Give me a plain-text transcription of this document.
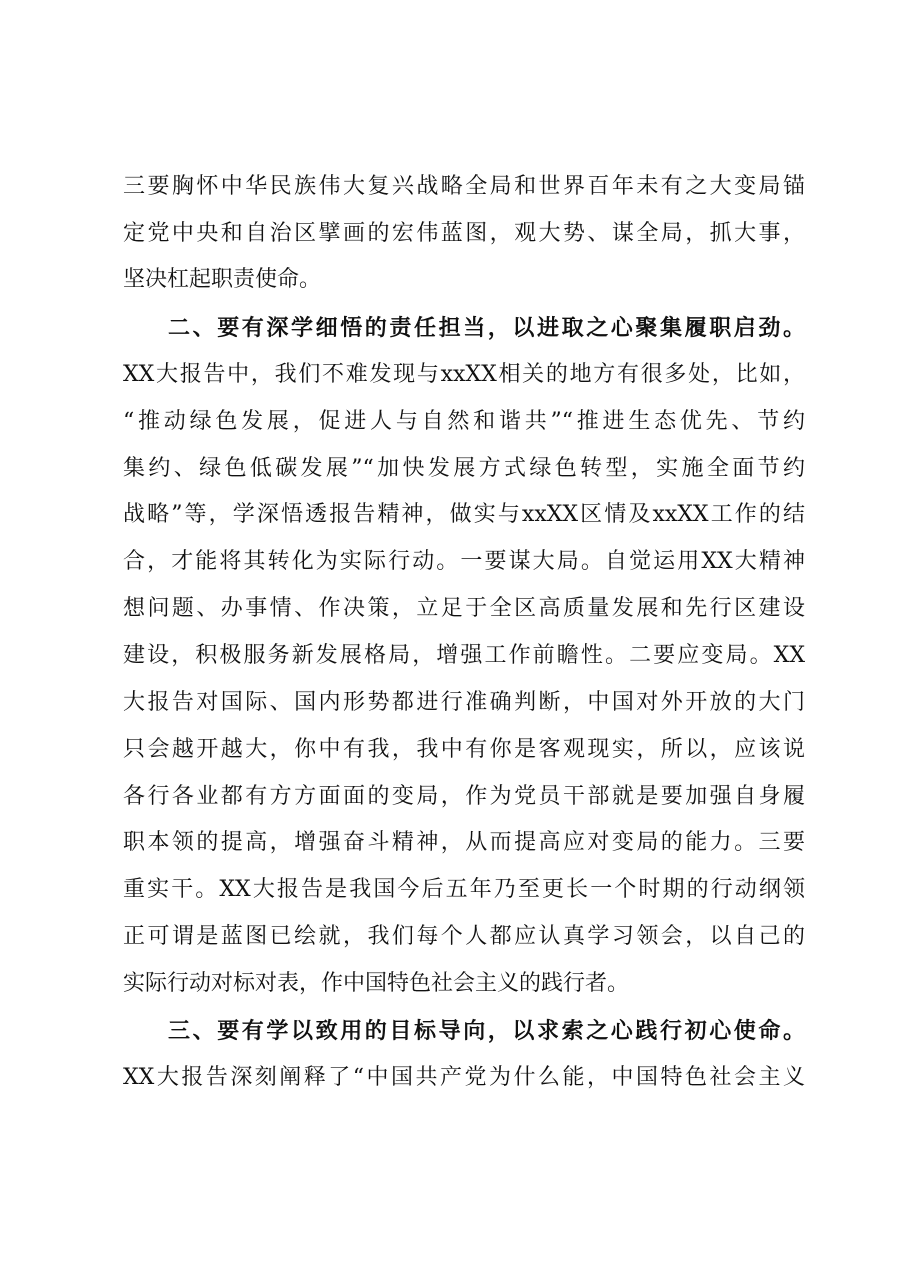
三要胸怀中华民族伟大复兴战略全局和世界百年未有之大变局锚
定党中央和自治区擘画的宏伟蓝图，观大势、谋全局，抓大事，
坚决杠起职责使命。
二、要有深学细悟的责任担当，以进取之心聚集履职启劲。
XX大报告中，我们不难发现与xxXX相关的地方有很多处，比如，
“推动绿色发展，促进人与自然和谐共”“推进生态优先、节约
集约、绿色低碳发展”“加快发展方式绿色转型，实施全面节约
战略”等，学深悟透报告精神，做实与xxXX区情及xxXX工作的结
合，才能将其转化为实际行动。一要谋大局。自觉运用XX大精神
想问题、办事情、作决策，立足于全区高质量发展和先行区建设
建设，积极服务新发展格局，增强工作前瞻性。二要应变局。XX
大报告对国际、国内形势都进行准确判断，中国对外开放的大门
只会越开越大，你中有我，我中有你是客观现实，所以，应该说
各行各业都有方方面面的变局，作为党员干部就是要加强自身履
职本领的提高，增强奋斗精神，从而提高应对变局的能力。三要
重实干。XX大报告是我国今后五年乃至更长一个时期的行动纲领
正可谓是蓝图已绘就，我们每个人都应认真学习领会，以自己的
实际行动对标对表，作中国特色社会主义的践行者。
三、要有学以致用的目标导向，以求索之心践行初心使命。
XX大报告深刻阐释了“中国共产党为什么能，中国特色社会主义
